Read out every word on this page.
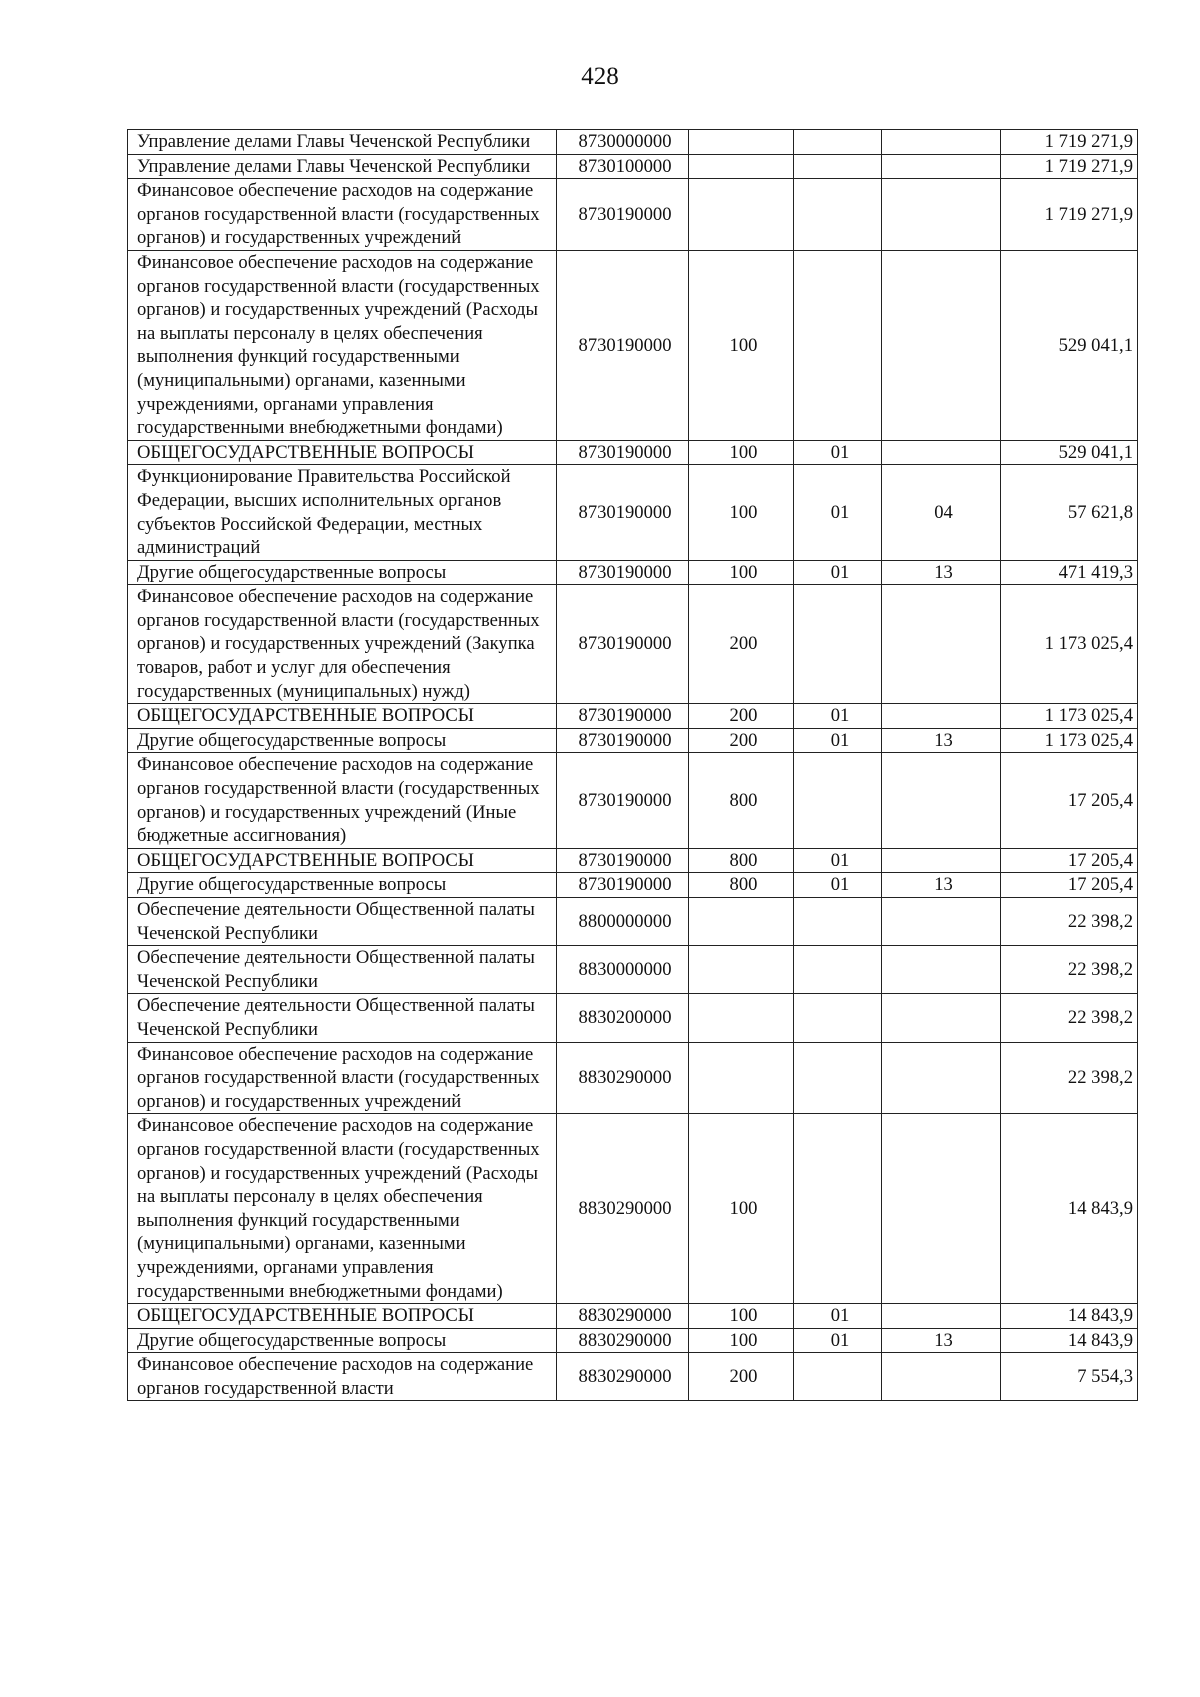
428
Управление делами Главы Чеченской Республики	8730000000				1 719 271,9
Управление делами Главы Чеченской Республики	8730100000				1 719 271,9
Финансовое обеспечение расходов на содержание органов государственной власти (государственных органов) и государственных учреждений	8730190000				1 719 271,9
Финансовое обеспечение расходов на содержание органов государственной власти (государственных органов) и государственных учреждений (Расходы на выплаты персоналу в целях обеспечения выполнения функций государственными (муниципальными) органами, казенными учреждениями, органами управления государственными внебюджетными фондами)	8730190000	100			529 041,1
ОБЩЕГОСУДАРСТВЕННЫЕ ВОПРОСЫ	8730190000	100	01		529 041,1
Функционирование Правительства Российской Федерации, высших исполнительных органов субъектов Российской Федерации, местных администраций	8730190000	100	01	04	57 621,8
Другие общегосударственные вопросы	8730190000	100	01	13	471 419,3
Финансовое обеспечение расходов на содержание органов государственной власти (государственных органов) и государственных учреждений (Закупка товаров, работ и услуг для обеспечения государственных (муниципальных) нужд)	8730190000	200			1 173 025,4
ОБЩЕГОСУДАРСТВЕННЫЕ ВОПРОСЫ	8730190000	200	01		1 173 025,4
Другие общегосударственные вопросы	8730190000	200	01	13	1 173 025,4
Финансовое обеспечение расходов на содержание органов государственной власти (государственных органов) и государственных учреждений (Иные бюджетные ассигнования)	8730190000	800			17 205,4
ОБЩЕГОСУДАРСТВЕННЫЕ ВОПРОСЫ	8730190000	800	01		17 205,4
Другие общегосударственные вопросы	8730190000	800	01	13	17 205,4
Обеспечение деятельности Общественной палаты Чеченской Республики	8800000000				22 398,2
Обеспечение деятельности Общественной палаты Чеченской Республики	8830000000				22 398,2
Обеспечение деятельности Общественной палаты Чеченской Республики	8830200000				22 398,2
Финансовое обеспечение расходов на содержание органов государственной власти (государственных органов) и государственных учреждений	8830290000				22 398,2
Финансовое обеспечение расходов на содержание органов государственной власти (государственных органов) и государственных учреждений (Расходы на выплаты персоналу в целях обеспечения выполнения функций государственными (муниципальными) органами, казенными учреждениями, органами управления государственными внебюджетными фондами)	8830290000	100			14 843,9
ОБЩЕГОСУДАРСТВЕННЫЕ ВОПРОСЫ	8830290000	100	01		14 843,9
Другие общегосударственные вопросы	8830290000	100	01	13	14 843,9
Финансовое обеспечение расходов на содержание органов государственной власти	8830290000	200			7 554,3
